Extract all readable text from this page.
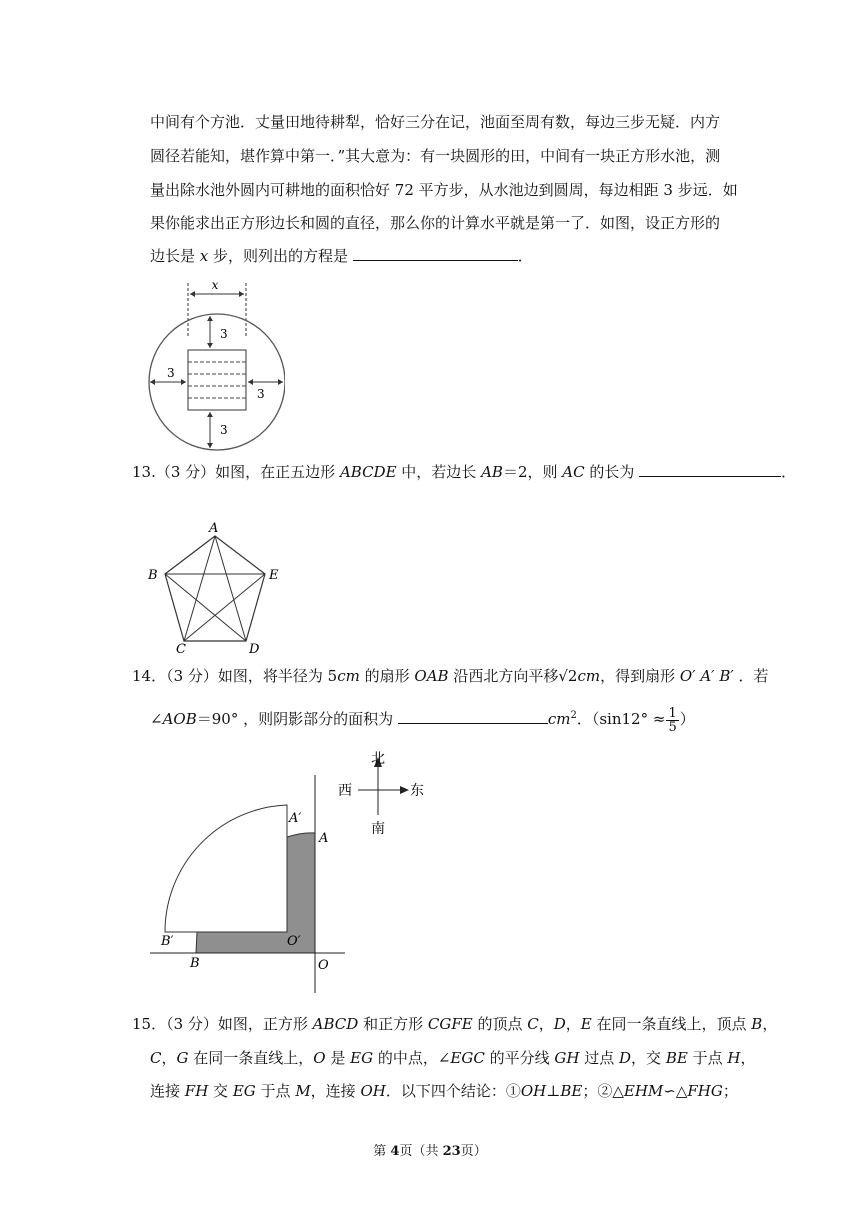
中间有个方池．丈量田地待耕犁，恰好三分在记，池面至周有数，每边三步无疑．内方
圆径若能知，堪作算中第一．”其大意为：有一块圆形的田，中间有一块正方形水池，测
量出除水池外圆内可耕地的面积恰好 72 平方步，从水池边到圆周，每边相距 3 步远．如
果你能求出正方形边长和圆的直径，那么你的计算水平就是第一了．如图，设正方形的
边长是 x 步，则列出的方程是	．
x
3
3
3
3
13.（3 分）如图，在正五边形 ABCDE 中，若边长 AB＝2，则 AC 的长为	．
A
B
C	D
E
14．（3 分）如图，将半径为 5cm 的扇形 OAB 沿西北方向平移√2cm，得到扇形 O′ A′ B′ ．若
∠AOB＝90° ，则阴影部分的面积为	$cm^2$．（$\sin 12^\circ \approx \frac{1}{5}$ ）
北
西	东
南
A′
A
B′	O′
B	O
15．（3 分）如图，正方形 ABCD 和正方形 CGFE 的顶点 C，D，E 在同一条直线上，顶点 B，
C，G 在同一条直线上，O 是 EG 的中点，∠EGC 的平分线 GH 过点 D，交 BE 于点 H，
连接 FH 交 EG 于点 M，连接 OH．以下四个结论：①OH⊥BE；②△EHM∽△FHG；
第 4页（共 23页）
